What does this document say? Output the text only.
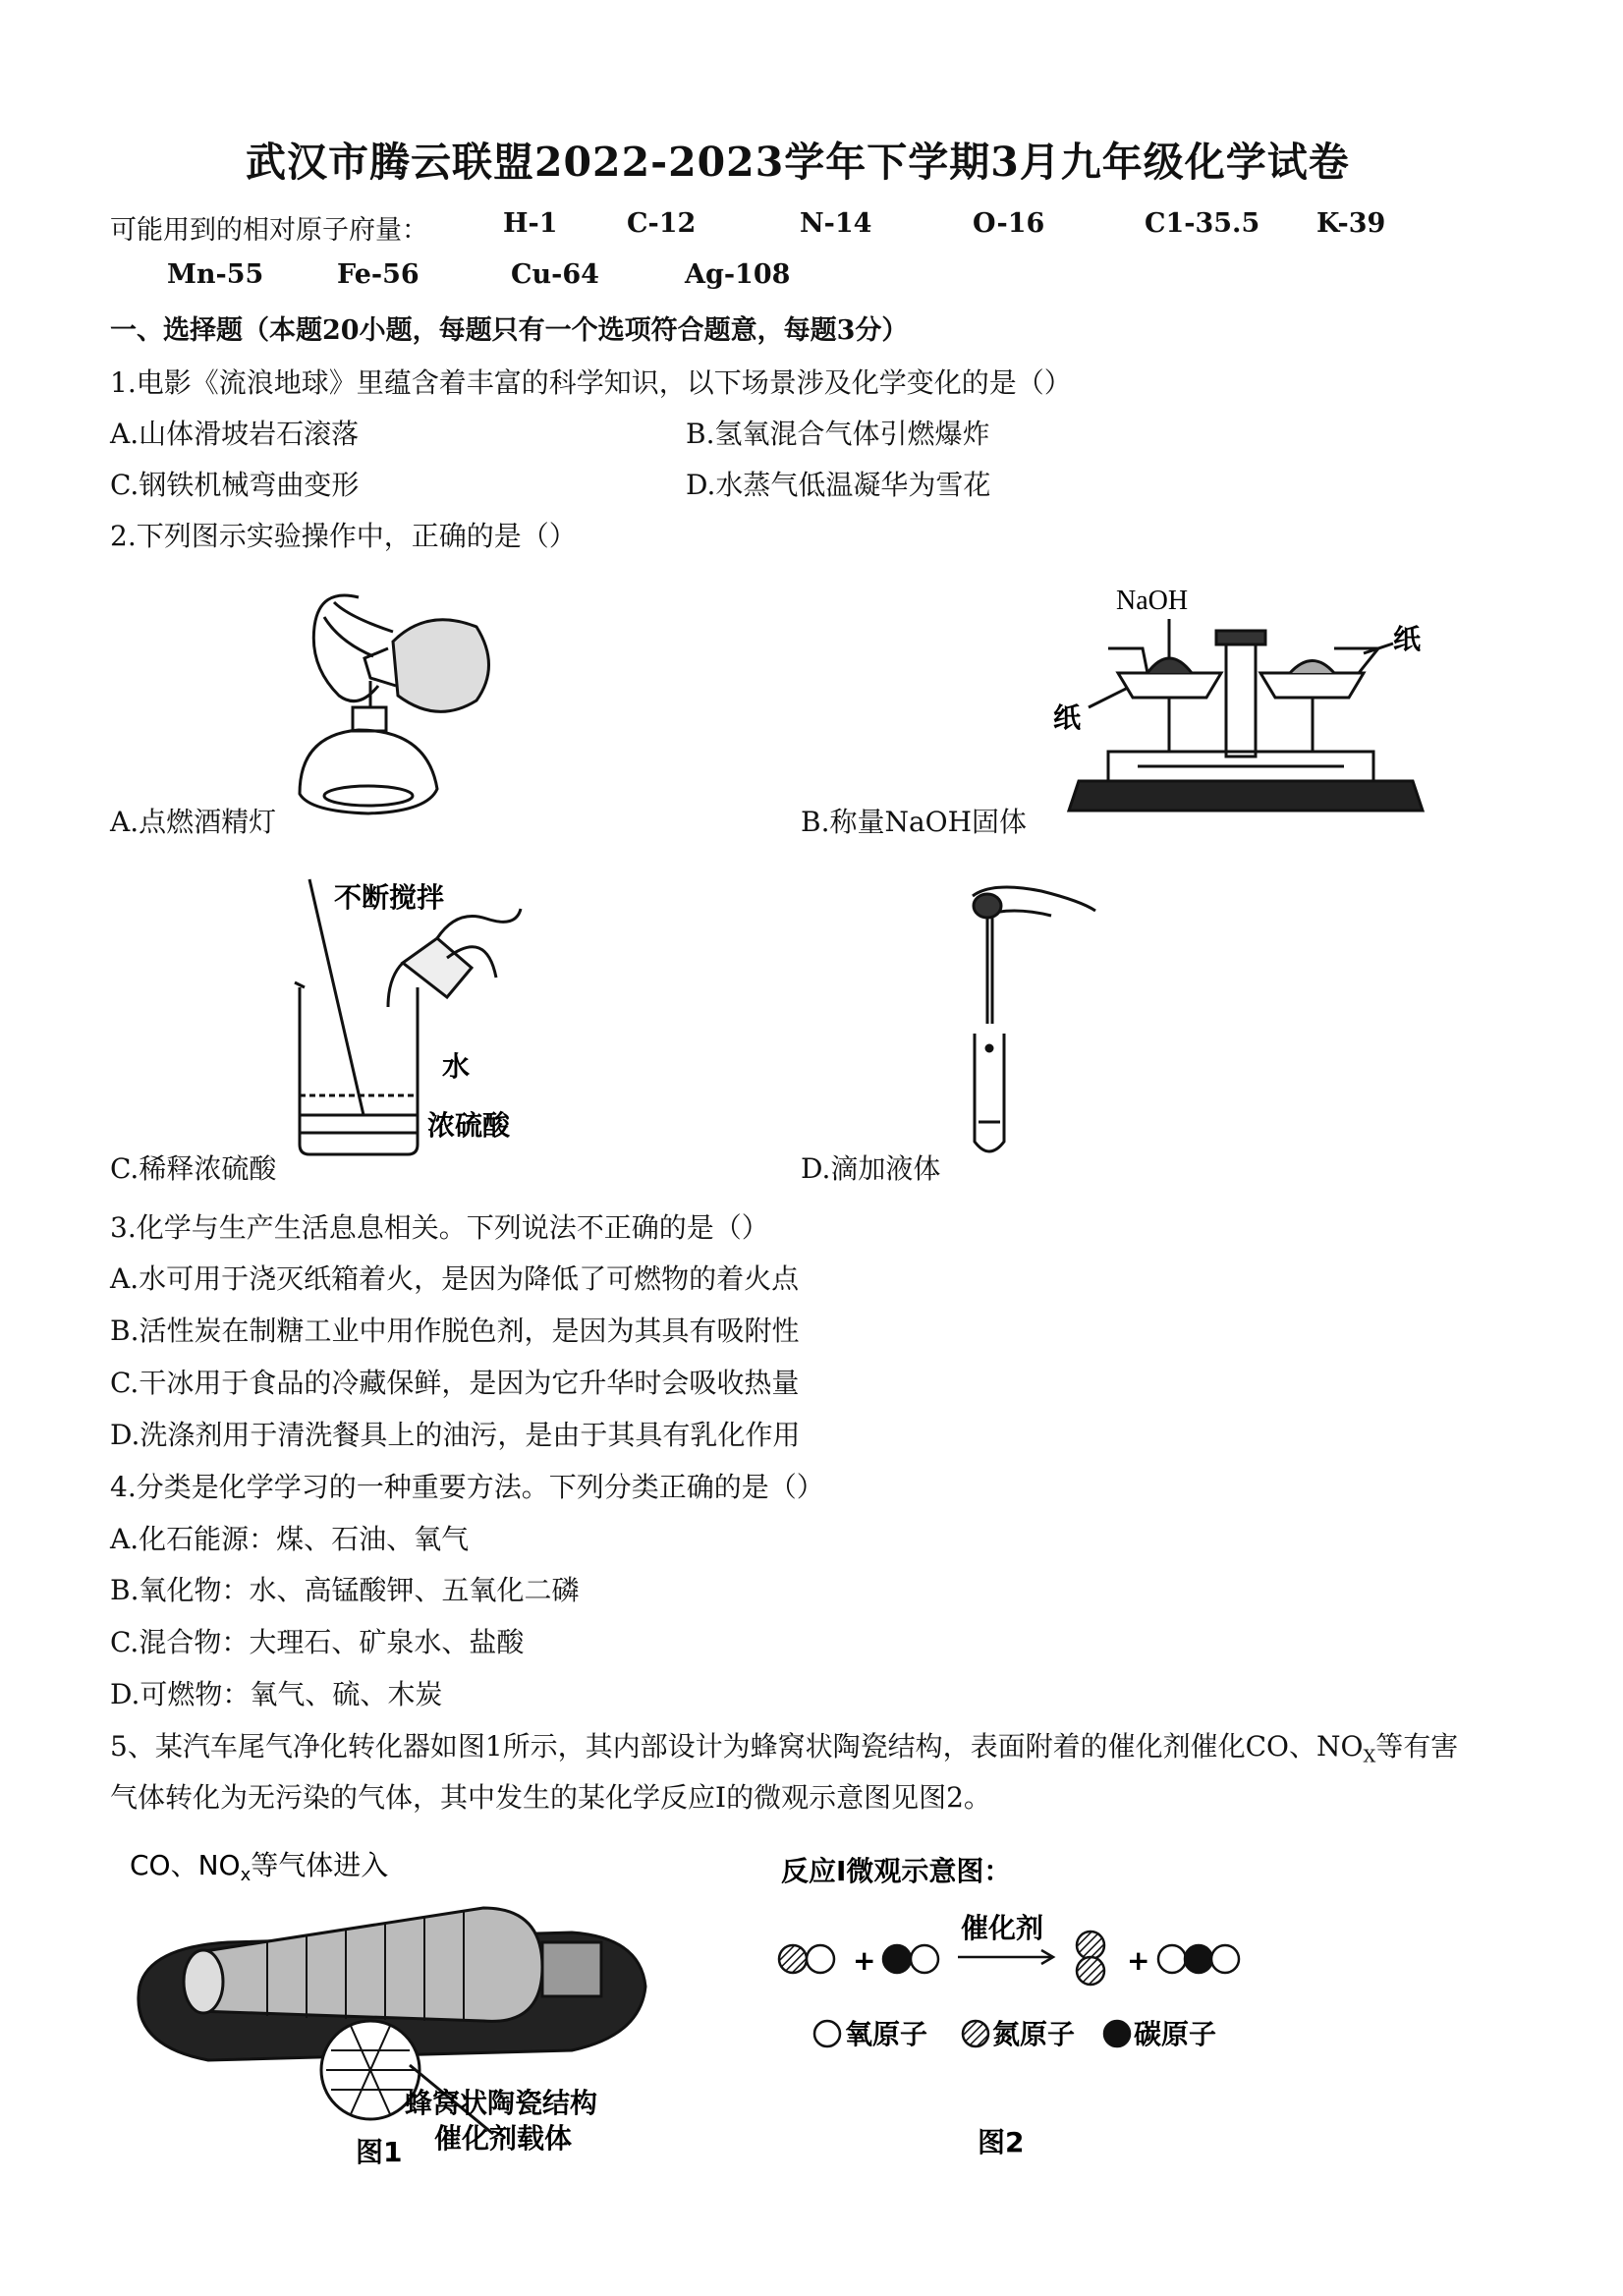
武汉市腾云联盟2022-2023学年下学期3月九年级化学试卷
可能用到的相对原子府量：	H-1	C-12	N-14	O-16	C1-35.5 K-39
Mn-55	Fe-56	Cu-64	Ag-108
一、选择题（本题20小题，每题只有一个选项符合题意，每题3分）
1.电影《流浪地球》里蕴含着丰富的科学知识，以下场景涉及化学变化的是（）
A.山体滑坡岩石滚落	B.氢氧混合气体引燃爆炸
C.钢铁机械弯曲变形	D.水蒸气低温凝华为雪花
2.下列图示实验操作中，正确的是（）
A.点燃酒精灯
NaOH
纸
纸
B.称量NaOH固体
不断搅拌
水
浓硫酸
C.稀释浓硫酸	D.滴加液体
3.化学与生产生活息息相关。下列说法不正确的是（）
A.水可用于浇灭纸箱着火，是因为降低了可燃物的着火点
B.活性炭在制糖工业中用作脱色剂，是因为其具有吸附性
C.干冰用于食品的冷藏保鲜，是因为它升华时会吸收热量
D.洗涤剂用于清洗餐具上的油污，是由于其具有乳化作用
4.分类是化学学习的一种重要方法。下列分类正确的是（）
A.化石能源：煤、石油、氧气
B.氧化物：水、高锰酸钾、五氧化二磷
C.混合物：大理石、矿泉水、盐酸
D.可燃物：氧气、硫、木炭
5、某汽车尾气净化转化器如图1所示，其内部设计为蜂窝状陶瓷结构，表面附着的催化剂催化CO、$NO_X$等有害
气体转化为无污染的气体，其中发生的某化学反应I的微观示意图见图2。
CO、$NO_x$等气体进入
蜂窝状陶瓷结构
催化剂载体
图1
反应I微观示意图：
+	+
催化剂
氧原子 氮原子 碳原子
图2
